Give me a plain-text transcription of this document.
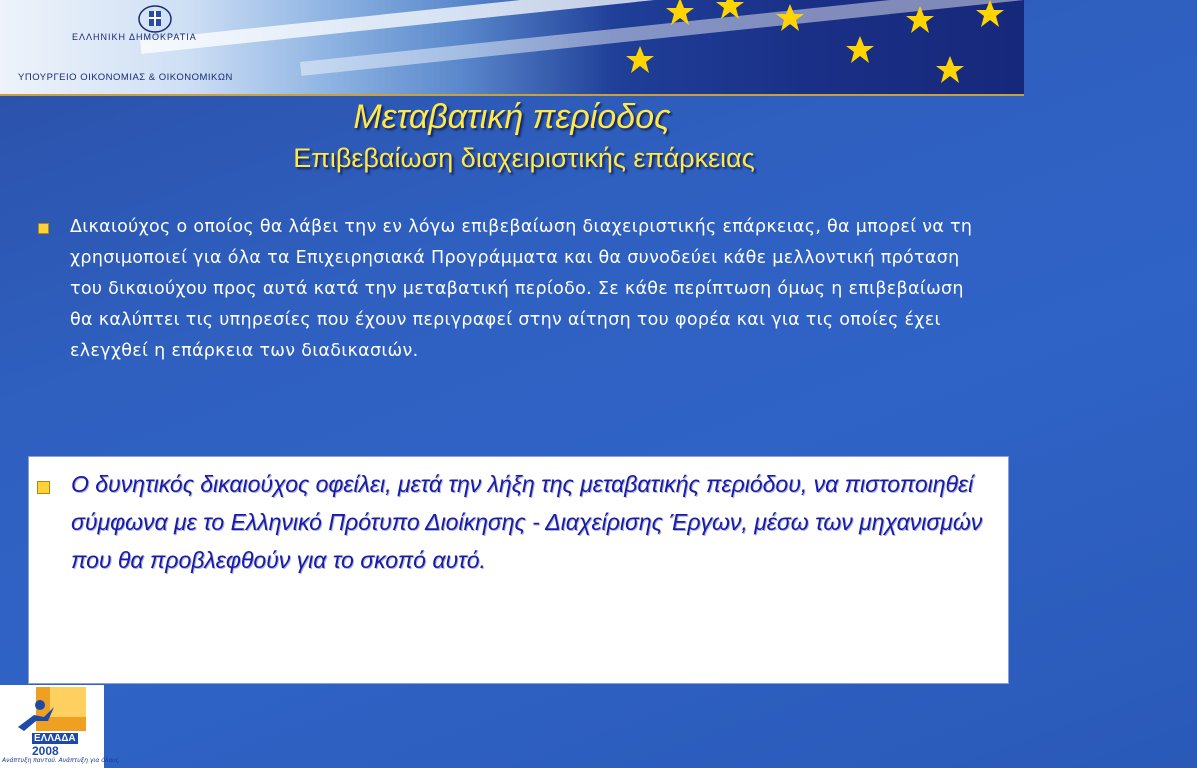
ΕΛΛΗΝΙΚΗ ΔΗΜΟΚΡΑΤΙΑ
ΥΠΟΥΡΓΕΙΟ ΟΙΚΟΝΟΜΙΑΣ & ΟΙΚΟΝΟΜΙΚΩΝ
Μεταβατική περίοδος
Επιβεβαίωση διαχειριστικής επάρκειας
Δικαιούχος ο οποίος θα λάβει την εν λόγω επιβεβαίωση διαχειριστικής επάρκειας, θα μπορεί να τη χρησιμοποιεί για όλα τα Επιχειρησιακά Προγράμματα και θα συνοδεύει κάθε μελλοντική πρόταση του δικαιούχου προς αυτά κατά την μεταβατική περίοδο. Σε κάθε περίπτωση όμως η επιβεβαίωση θα καλύπτει τις υπηρεσίες που έχουν περιγραφεί στην αίτηση του φορέα και για τις οποίες έχει ελεγχθεί η επάρκεια των διαδικασιών.
Ο δυνητικός δικαιούχος οφείλει, μετά την λήξη της μεταβατικής περιόδου, να πιστοποιηθεί σύμφωνα με το Ελληνικό Πρότυπο Διοίκησης - Διαχείρισης Έργων, μέσω των μηχανισμών που θα προβλεφθούν για το σκοπό αυτό.
ΕΛΛΑΔΑ
2008
Ανάπτυξη παντού. Ανάπτυξη για όλους
